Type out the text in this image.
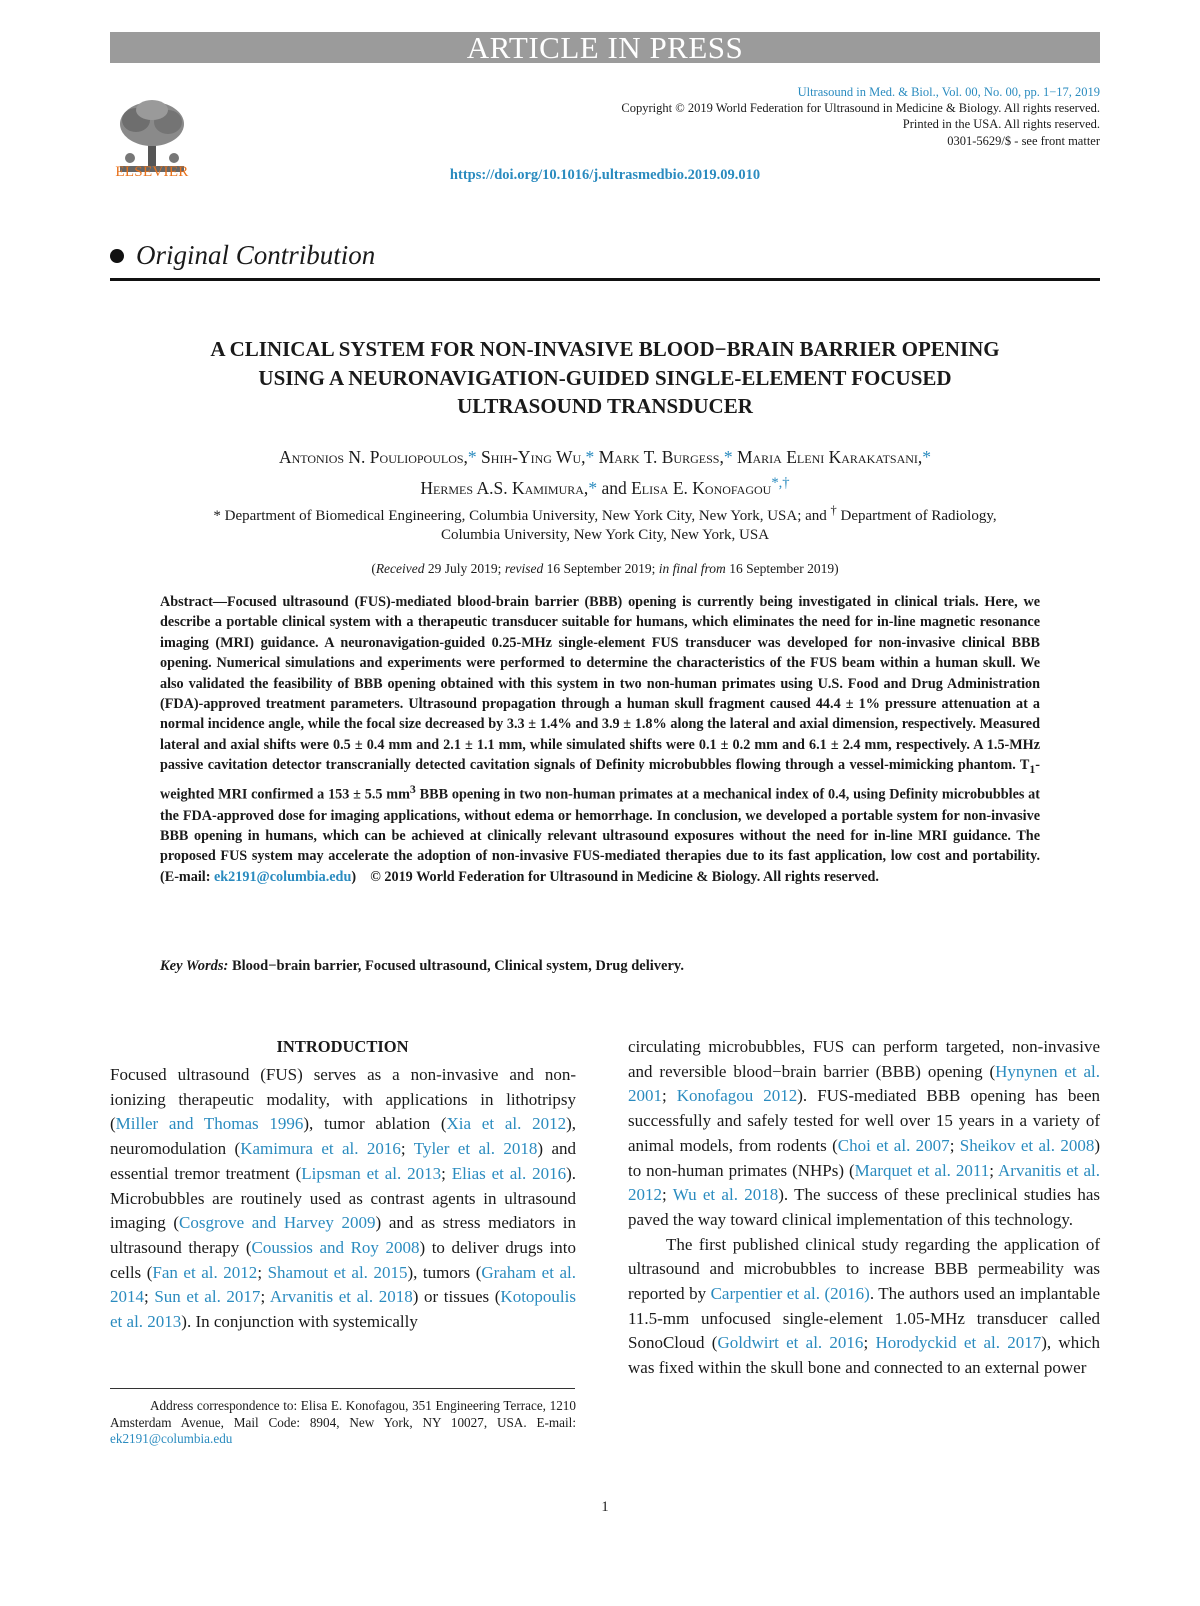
ARTICLE IN PRESS
ELSEVIER
Ultrasound in Med. & Biol., Vol. 00, No. 00, pp. 1−17, 2019
Copyright © 2019 World Federation for Ultrasound in Medicine & Biology. All rights reserved.
Printed in the USA. All rights reserved.
0301-5629/$ - see front matter
https://doi.org/10.1016/j.ultrasmedbio.2019.09.010
Original Contribution
A CLINICAL SYSTEM FOR NON-INVASIVE BLOOD−BRAIN BARRIER OPENING
USING A NEURONAVIGATION-GUIDED SINGLE-ELEMENT FOCUSED
ULTRASOUND TRANSDUCER
Antonios N. Pouliopoulos,* Shih-Ying Wu,* Mark T. Burgess,* Maria Eleni Karakatsani,*
Hermes A.S. Kamimura,* and Elisa E. Konofagou*,†
* Department of Biomedical Engineering, Columbia University, New York City, New York, USA; and † Department of Radiology,
Columbia University, New York City, New York, USA
(Received 29 July 2019; revised 16 September 2019; in final from 16 September 2019)
Abstract—Focused ultrasound (FUS)-mediated blood-brain barrier (BBB) opening is currently being investigated in clinical trials. Here, we describe a portable clinical system with a therapeutic transducer suitable for humans, which eliminates the need for in-line magnetic resonance imaging (MRI) guidance. A neuronavigation-guided 0.25-MHz single-element FUS transducer was developed for non-invasive clinical BBB opening. Numerical simulations and experiments were performed to determine the characteristics of the FUS beam within a human skull. We also validated the feasibility of BBB opening obtained with this system in two non-human primates using U.S. Food and Drug Administration (FDA)-approved treatment parameters. Ultrasound propagation through a human skull fragment caused 44.4 ± 1% pressure attenuation at a normal incidence angle, while the focal size decreased by 3.3 ± 1.4% and 3.9 ± 1.8% along the lateral and axial dimension, respectively. Measured lateral and axial shifts were 0.5 ± 0.4 mm and 2.1 ± 1.1 mm, while simulated shifts were 0.1 ± 0.2 mm and 6.1 ± 2.4 mm, respectively. A 1.5-MHz passive cavitation detector transcranially detected cavitation signals of Definity microbubbles flowing through a vessel-mimicking phantom. $T_1$-weighted MRI confirmed a 153 ± 5.5 $mm^3$ BBB opening in two non-human primates at a mechanical index of 0.4, using Definity microbubbles at the FDA-approved dose for imaging applications, without edema or hemorrhage. In conclusion, we developed a portable system for non-invasive BBB opening in humans, which can be achieved at clinically relevant ultrasound exposures without the need for in-line MRI guidance. The proposed FUS system may accelerate the adoption of non-invasive FUS-mediated therapies due to its fast application, low cost and portability. (E-mail: ek2191@columbia.edu) © 2019 World Federation for Ultrasound in Medicine & Biology. All rights reserved.
Key Words: Blood−brain barrier, Focused ultrasound, Clinical system, Drug delivery.
INTRODUCTION

Focused ultrasound (FUS) serves as a non-invasive and non-ionizing therapeutic modality, with applications in lithotripsy (Miller and Thomas 1996), tumor ablation (Xia et al. 2012), neuromodulation (Kamimura et al. 2016; Tyler et al. 2018) and essential tremor treatment (Lipsman et al. 2013; Elias et al. 2016). Microbubbles are routinely used as contrast agents in ultrasound imaging (Cosgrove and Harvey 2009) and as stress mediators in ultrasound therapy (Coussios and Roy 2008) to deliver drugs into cells (Fan et al. 2012; Shamout et al. 2015), tumors (Graham et al. 2014; Sun et al. 2017; Arvanitis et al. 2018) or tissues (Kotopoulis et al. 2013). In conjunction with systemically

circulating microbubbles, FUS can perform targeted, non-invasive and reversible blood−brain barrier (BBB) opening (Hynynen et al. 2001; Konofagou 2012). FUS-mediated BBB opening has been successfully and safely tested for well over 15 years in a variety of animal models, from rodents (Choi et al. 2007; Sheikov et al. 2008) to non-human primates (NHPs) (Marquet et al. 2011; Arvanitis et al. 2012; Wu et al. 2018). The success of these preclinical studies has paved the way toward clinical implementation of this technology.

The first published clinical study regarding the application of ultrasound and microbubbles to increase BBB permeability was reported by Carpentier et al. (2016). The authors used an implantable 11.5-mm unfocused single-element 1.05-MHz transducer called SonoCloud (Goldwirt et al. 2016; Horodyckid et al. 2017), which was fixed within the skull bone and connected to an external power

Address correspondence to: Elisa E. Konofagou, 351 Engineering Terrace, 1210 Amsterdam Avenue, Mail Code: 8904, New York, NY 10027, USA. E-mail: ek2191@columbia.edu
1
